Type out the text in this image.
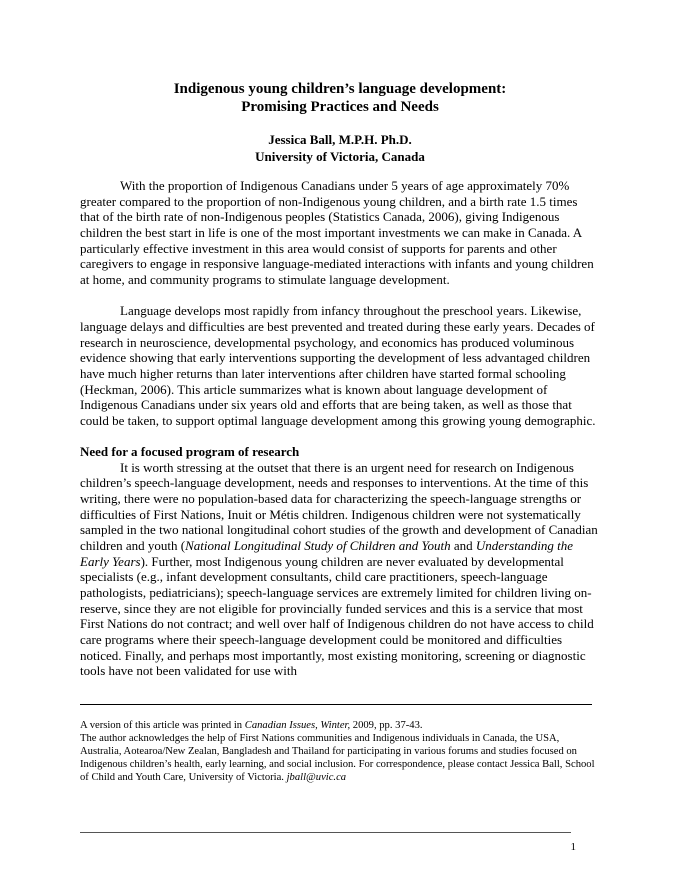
Indigenous young children’s language development:
Promising Practices and Needs
Jessica Ball, M.P.H. Ph.D.
University of Victoria, Canada

With the proportion of Indigenous Canadians under 5 years of age approximately 70% greater compared to the proportion of non-Indigenous young children, and a birth rate 1.5 times that of the birth rate of non-Indigenous peoples (Statistics Canada, 2006), giving Indigenous children the best start in life is one of the most important investments we can make in Canada. A particularly effective investment in this area would consist of supports for parents and other caregivers to engage in responsive language-mediated interactions with infants and young children at home, and community programs to stimulate language development.

Language develops most rapidly from infancy throughout the preschool years. Likewise, language delays and difficulties are best prevented and treated during these early years. Decades of research in neuroscience, developmental psychology, and economics has produced voluminous evidence showing that early interventions supporting the development of less advantaged children have much higher returns than later interventions after children have started formal schooling (Heckman, 2006). This article summarizes what is known about language development of Indigenous Canadians under six years old and efforts that are being taken, as well as those that could be taken, to support optimal language development among this growing young demographic.

Need for a focused program of research

It is worth stressing at the outset that there is an urgent need for research on Indigenous children’s speech-language development, needs and responses to interventions. At the time of this writing, there were no population-based data for characterizing the speech-language strengths or difficulties of First Nations, Inuit or Métis children. Indigenous children were not systematically sampled in the two national longitudinal cohort studies of the growth and development of Canadian children and youth (National Longitudinal Study of Children and Youth and Understanding the Early Years). Further, most Indigenous young children are never evaluated by developmental specialists (e.g., infant development consultants, child care practitioners, speech-language pathologists, pediatricians); speech-language services are extremely limited for children living on-reserve, since they are not eligible for provincially funded services and this is a service that most First Nations do not contract; and well over half of Indigenous children do not have access to child care programs where their speech-language development could be monitored and difficulties noticed. Finally, and perhaps most importantly, most existing monitoring, screening or diagnostic tools have not been validated for use with

A version of this article was printed in Canadian Issues, Winter, 2009, pp. 37-43.

The author acknowledges the help of First Nations communities and Indigenous individuals in Canada, the USA, Australia, Aotearoa/New Zealan, Bangladesh and Thailand for participating in various forums and studies focused on Indigenous children’s health, early learning, and social inclusion. For correspondence, please contact Jessica Ball, School of Child and Youth Care, University of Victoria. jball@uvic.ca

1
